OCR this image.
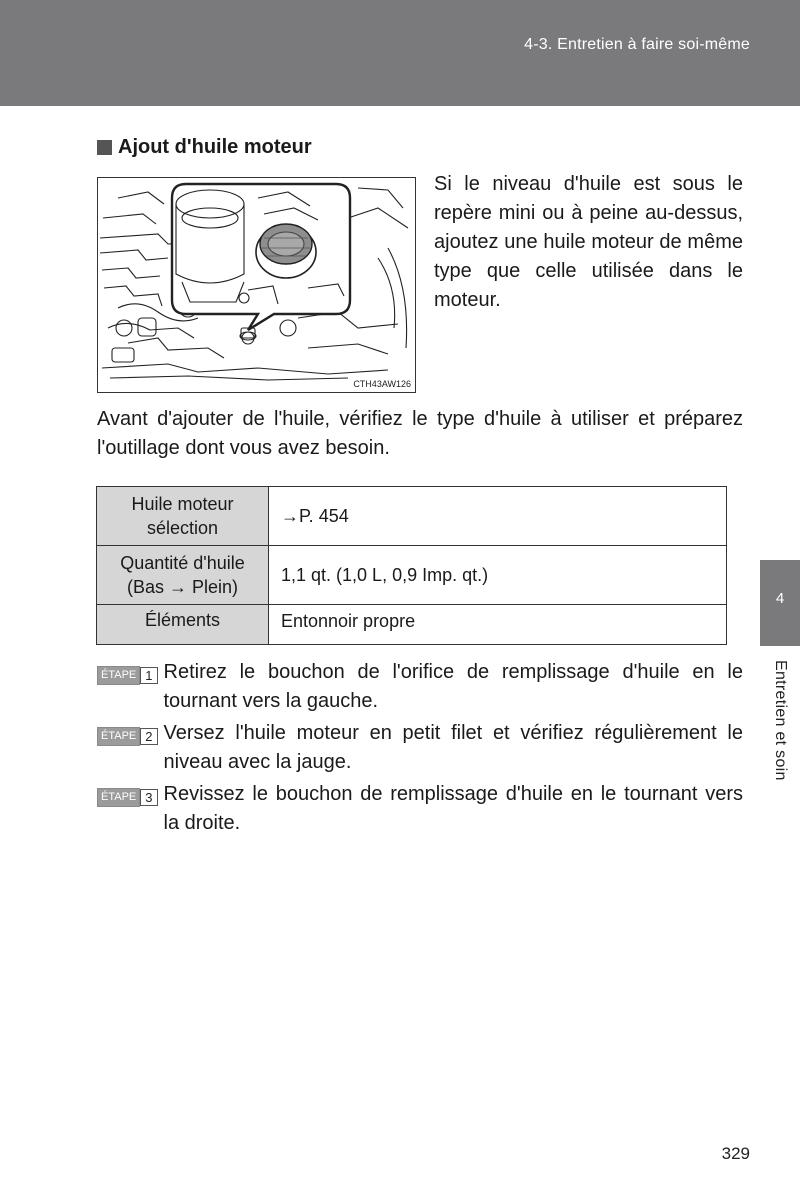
4-3. Entretien à faire soi-même
Ajout d'huile moteur
CTH43AW126
Si le niveau d'huile est sous le repère mini ou à peine au-dessus, ajoutez une huile moteur de même type que celle utilisée dans le moteur.
Avant d'ajouter de l'huile, vérifiez le type d'huile à utiliser et préparez l'outillage dont vous avez besoin.
Huile moteur
sélection	→P. 454

Quantité d'huile
(Bas → Plein)	1,1 qt. (1,0 L, 0,9 Imp. qt.)

Éléments	Entonnoir propre
ÉTAPE 1 Retirez le bouchon de l'orifice de remplissage d'huile en le tournant vers la gauche.
ÉTAPE 2 Versez l'huile moteur en petit filet et vérifiez régulièrement le niveau avec la jauge.
ÉTAPE 3 Revissez le bouchon de remplissage d'huile en le tournant vers la droite.
4
Entretien et soin
329
